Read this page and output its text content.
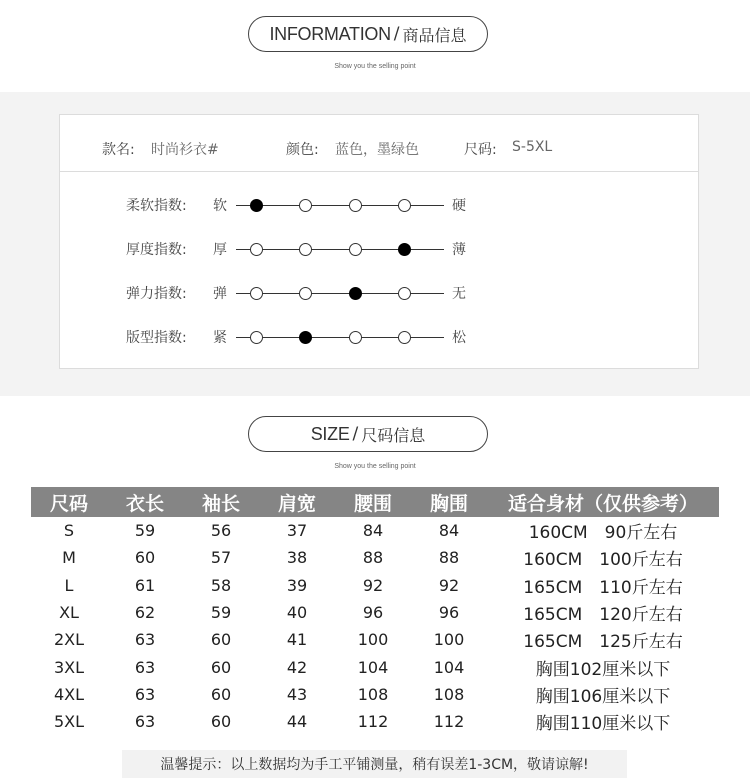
INFORMATION / 商品信息
Show you the selling point
款名: 时尚衫衣#	颜色: 蓝色，墨绿色	尺码: S-5XL
柔软指数: 软	硬
厚度指数: 厚	薄
弹力指数: 弹	无
版型指数: 紧	松
SIZE / 尺码信息
Show you the selling point
尺码	衣长	袖长	肩宽	腰围	胸围	适合身材（仅供参考）
S	59	56	37	84	84	160CM　90斤左右
M	60	57	38	88	88	160CM　100斤左右
L	61	58	39	92	92	165CM　110斤左右
XL	62	59	40	96	96	165CM　120斤左右
2XL	63	60	41	100	100	165CM　125斤左右
3XL	63	60	42	104	104	胸围102厘米以下
4XL	63	60	43	108	108	胸围106厘米以下
5XL	63	60	44	112	112	胸围110厘米以下
温馨提示：以上数据均为手工平铺测量，稍有误差1-3CM，敬请谅解!
